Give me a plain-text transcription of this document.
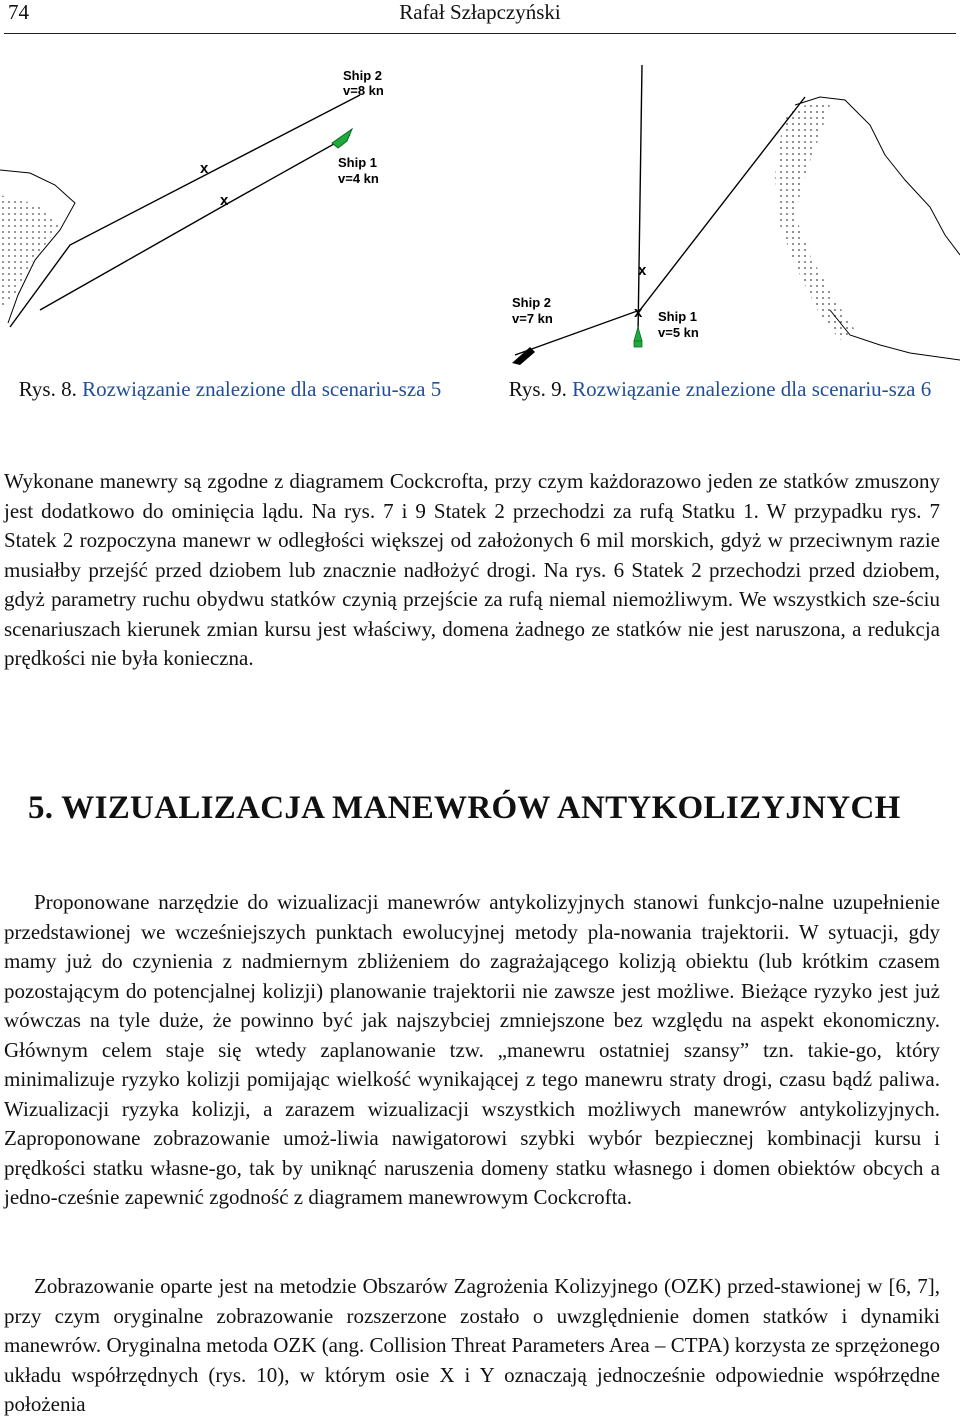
Rafał Szłapczyński
74
x
x
Ship 2
v=8 kn
Ship 1
v=4 kn
x
x
Ship 2
v=7 kn	Ship 1
v=5 kn
Rys. 8. Rozwiązanie znalezione dla scenariu-sza 5	Rys. 9. Rozwiązanie znalezione dla scenariu-sza 6

Wykonane manewry są zgodne z diagramem Cockcrofta, przy czym każdorazowo jeden ze statków zmuszony jest dodatkowo do ominięcia lądu. Na rys. 7 i 9 Statek 2 przechodzi za rufą Statku 1. W przypadku rys. 7 Statek 2 rozpoczyna manewr w odległości większej od założonych 6 mil morskich, gdyż w przeciwnym razie musiałby przejść przed dziobem lub znacznie nadłożyć drogi. Na rys. 6 Statek 2 przechodzi przed dziobem, gdyż parametry ruchu obydwu statków czynią przejście za rufą niemal niemożliwym. We wszystkich sze-ściu scenariuszach kierunek zmian kursu jest właściwy, domena żadnego ze statków nie jest naruszona, a redukcja prędkości nie była konieczna.

5. WIZUALIZACJA MANEWRÓW ANTYKOLIZYJNYCH

Proponowane narzędzie do wizualizacji manewrów antykolizyjnych stanowi funkcjo-nalne uzupełnienie przedstawionej we wcześniejszych punktach ewolucyjnej metody pla-nowania trajektorii. W sytuacji, gdy mamy już do czynienia z nadmiernym zbliżeniem do zagrażającego kolizją obiektu (lub krótkim czasem pozostającym do potencjalnej kolizji) planowanie trajektorii nie zawsze jest możliwe. Bieżące ryzyko jest już wówczas na tyle duże, że powinno być jak najszybciej zmniejszone bez względu na aspekt ekonomiczny. Głównym celem staje się wtedy zaplanowanie tzw. „manewru ostatniej szansy” tzn. takie-go, który minimalizuje ryzyko kolizji pomijając wielkość wynikającej z tego manewru straty drogi, czasu bądź paliwa. Wizualizacji ryzyka kolizji, a zarazem wizualizacji wszystkich możliwych manewrów antykolizyjnych. Zaproponowane zobrazowanie umoż-liwia nawigatorowi szybki wybór bezpiecznej kombinacji kursu i prędkości statku własne-go, tak by uniknąć naruszenia domeny statku własnego i domen obiektów obcych a jedno-cześnie zapewnić zgodność z diagramem manewrowym Cockcrofta.

Zobrazowanie oparte jest na metodzie Obszarów Zagrożenia Kolizyjnego (OZK) przed-stawionej w [6, 7], przy czym oryginalne zobrazowanie rozszerzone zostało o uwzględnienie domen statków i dynamiki manewrów. Oryginalna metoda OZK (ang. Collision Threat Parameters Area – CTPA) korzysta ze sprzężonego układu współrzędnych (rys. 10), w którym osie X i Y oznaczają jednocześnie odpowiednie współrzędne położenia
